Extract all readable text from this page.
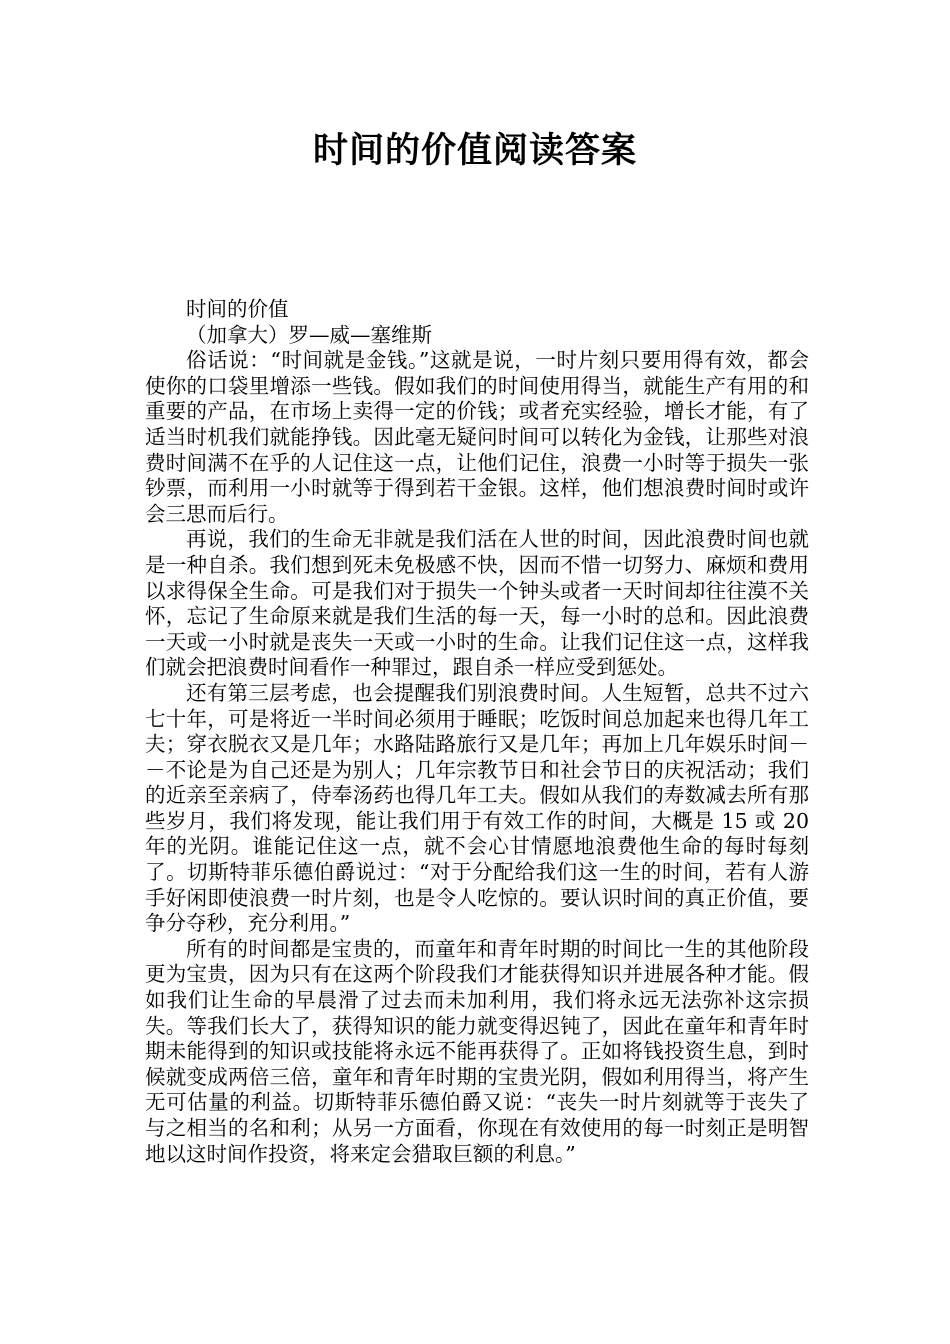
时间的价值阅读答案

时间的价值

（加拿大）罗—威—塞维斯

俗话说：“时间就是金钱。”这就是说，一时片刻只要用得有效，都会使你的口袋里增添一些钱。假如我们的时间使用得当，就能生产有用的和重要的产品，在市场上卖得一定的价钱；或者充实经验，增长才能，有了适当时机我们就能挣钱。因此毫无疑问时间可以转化为金钱，让那些对浪费时间满不在乎的人记住这一点，让他们记住，浪费一小时等于损失一张钞票，而利用一小时就等于得到若干金银。这样，他们想浪费时间时或许会三思而后行。

再说，我们的生命无非就是我们活在人世的时间，因此浪费时间也就是一种自杀。我们想到死未免极感不快，因而不惜一切努力、麻烦和费用以求得保全生命。可是我们对于损失一个钟头或者一天时间却往往漠不关怀，忘记了生命原来就是我们生活的每一天，每一小时的总和。因此浪费一天或一小时就是丧失一天或一小时的生命。让我们记住这一点，这样我们就会把浪费时间看作一种罪过，跟自杀一样应受到惩处。

还有第三层考虑，也会提醒我们别浪费时间。人生短暂，总共不过六七十年，可是将近一半时间必须用于睡眠；吃饭时间总加起来也得几年工夫；穿衣脱衣又是几年；水路陆路旅行又是几年；再加上几年娱乐时间－－不论是为自己还是为别人；几年宗教节日和社会节日的庆祝活动；我们的近亲至亲病了，侍奉汤药也得几年工夫。假如从我们的寿数减去所有那些岁月，我们将发现，能让我们用于有效工作的时间，大概是 15 或 20 年的光阴。谁能记住这一点，就不会心甘情愿地浪费他生命的每时每刻了。切斯特菲乐德伯爵说过：“对于分配给我们这一生的时间，若有人游手好闲即使浪费一时片刻，也是令人吃惊的。要认识时间的真正价值，要争分夺秒，充分利用。”

所有的时间都是宝贵的，而童年和青年时期的时间比一生的其他阶段更为宝贵，因为只有在这两个阶段我们才能获得知识并进展各种才能。假如我们让生命的早晨滑了过去而未加利用，我们将永远无法弥补这宗损失。等我们长大了，获得知识的能力就变得迟钝了，因此在童年和青年时期未能得到的知识或技能将永远不能再获得了。正如将钱投资生息，到时候就变成两倍三倍，童年和青年时期的宝贵光阴，假如利用得当，将产生无可估量的利益。切斯特菲乐德伯爵又说：“丧失一时片刻就等于丧失了与之相当的名和利；从另一方面看，你现在有效使用的每一时刻正是明智地以这时间作投资，将来定会猎取巨额的利息。”
